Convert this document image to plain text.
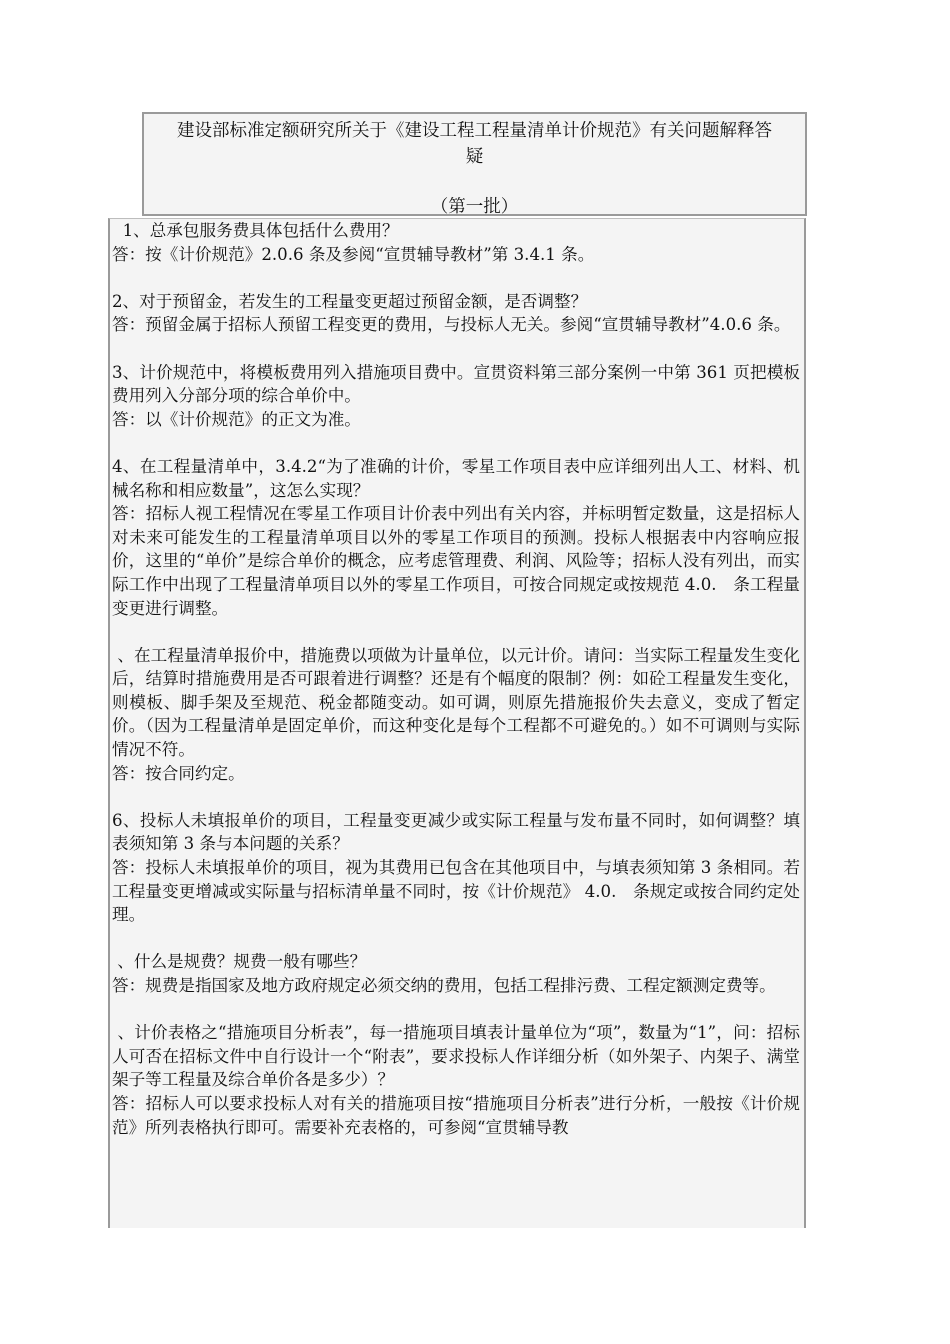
建设部标准定额研究所关于《建设工程工程量清单计价规范》有关问题解释答
疑
（第一批）

1、总承包服务费具体包括什么费用？

答：按《计价规范》2.0.6 条及参阅“宣贯辅导教材”第 3.4.1 条。

2、对于预留金，若发生的工程量变更超过预留金额，是否调整？

答：预留金属于招标人预留工程变更的费用，与投标人无关。参阅“宣贯辅导教材”4.0.6 条。

3、计价规范中，将模板费用列入措施项目费中。宣贯资料第三部分案例一中第 361 页把模板费用列入分部分项的综合单价中。

答：以《计价规范》的正文为准。

4、在工程量清单中，3.4.2“为了准确的计价，零星工作项目表中应详细列出人工、材料、机械名称和相应数量”，这怎么实现？

答：招标人视工程情况在零星工作项目计价表中列出有关内容，并标明暂定数量，这是招标人对未来可能发生的工程量清单项目以外的零星工作项目的预测。投标人根据表中内容响应报价，这里的“单价”是综合单价的概念，应考虑管理费、利润、风险等；招标人没有列出，而实际工作中出现了工程量清单项目以外的零星工作项目，可按合同规定或按规范 4.0.　条工程量变更进行调整。

、在工程量清单报价中，措施费以项做为计量单位，以元计价。请问：当实际工程量发生变化后，结算时措施费用是否可跟着进行调整？还是有个幅度的限制？例：如砼工程量发生变化，则模板、脚手架及至规范、税金都随变动。如可调，则原先措施报价失去意义，变成了暂定价。（因为工程量清单是固定单价，而这种变化是每个工程都不可避免的。）如不可调则与实际情况不符。

答：按合同约定。

6、投标人未填报单价的项目，工程量变更减少或实际工程量与发布量不同时，如何调整？填表须知第 3 条与本问题的关系？

答：投标人未填报单价的项目，视为其费用已包含在其他项目中，与填表须知第 3 条相同。若工程量变更增减或实际量与招标清单量不同时，按《计价规范》 4.0.　条规定或按合同约定处理。

、什么是规费？规费一般有哪些？

答：规费是指国家及地方政府规定必须交纳的费用，包括工程排污费、工程定额测定费等。

、计价表格之“措施项目分析表”，每一措施项目填表计量单位为“项”，数量为“1”，问：招标人可否在招标文件中自行设计一个“附表”，要求投标人作详细分析（如外架子、内架子、满堂架子等工程量及综合单价各是多少）？

答：招标人可以要求投标人对有关的措施项目按“措施项目分析表”进行分析，一般按《计价规范》所列表格执行即可。需要补充表格的，可参阅“宣贯辅导教
